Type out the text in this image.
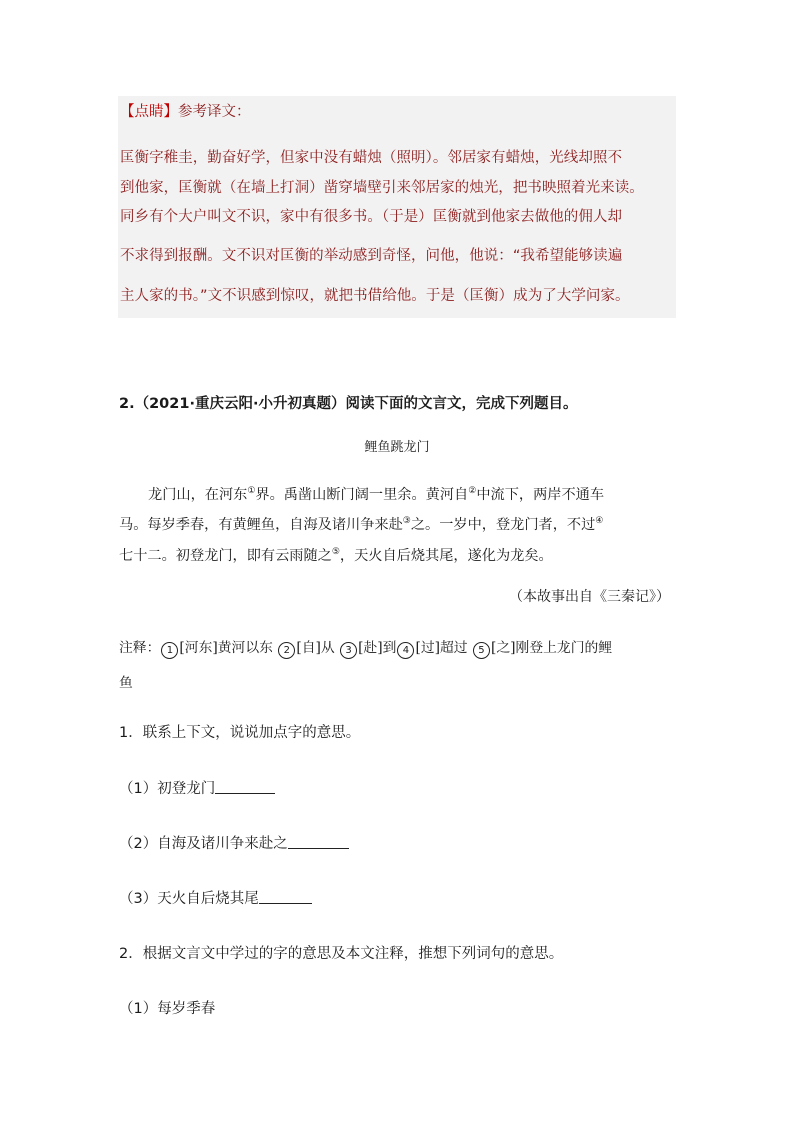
【点睛】参考译文：
匡衡字稚圭，勤奋好学，但家中没有蜡烛（照明）。邻居家有蜡烛，光线却照不
到他家，匡衡就（在墙上打洞）凿穿墙壁引来邻居家的烛光，把书映照着光来读。
同乡有个大户叫文不识，家中有很多书。（于是）匡衡就到他家去做他的佣人却
不求得到报酬。文不识对匡衡的举动感到奇怪，问他，他说：“我希望能够读遍
主人家的书。”文不识感到惊叹，就把书借给他。于是（匡衡）成为了大学问家。
2.（2021·重庆云阳·小升初真题）阅读下面的文言文，完成下列题目。
鲤鱼跳龙门
龙门山，在河东①界。禹凿山断门阔一里余。黄河自②中流下，两岸不通车
马。每岁季春，有黄鲤鱼，自海及诸川争来赴③之。一岁中，登龙门者，不过④
七十二。初登龙门，即有云雨随之⑤，天火自后烧其尾，遂化为龙矣。
（本故事出自《三秦记》）
注释： 1 [河东]黄河以东 2 [自]从 3 [赴]到 4 [过]超过 5 [之]刚登上龙门的鲤
鱼
1．联系上下文，说说加点字的意思。
（1）初登龙门
（2）自海及诸川争来赴之
（3）天火自后烧其尾
2．根据文言文中学过的字的意思及本文注释，推想下列词句的意思。
（1）每岁季春
